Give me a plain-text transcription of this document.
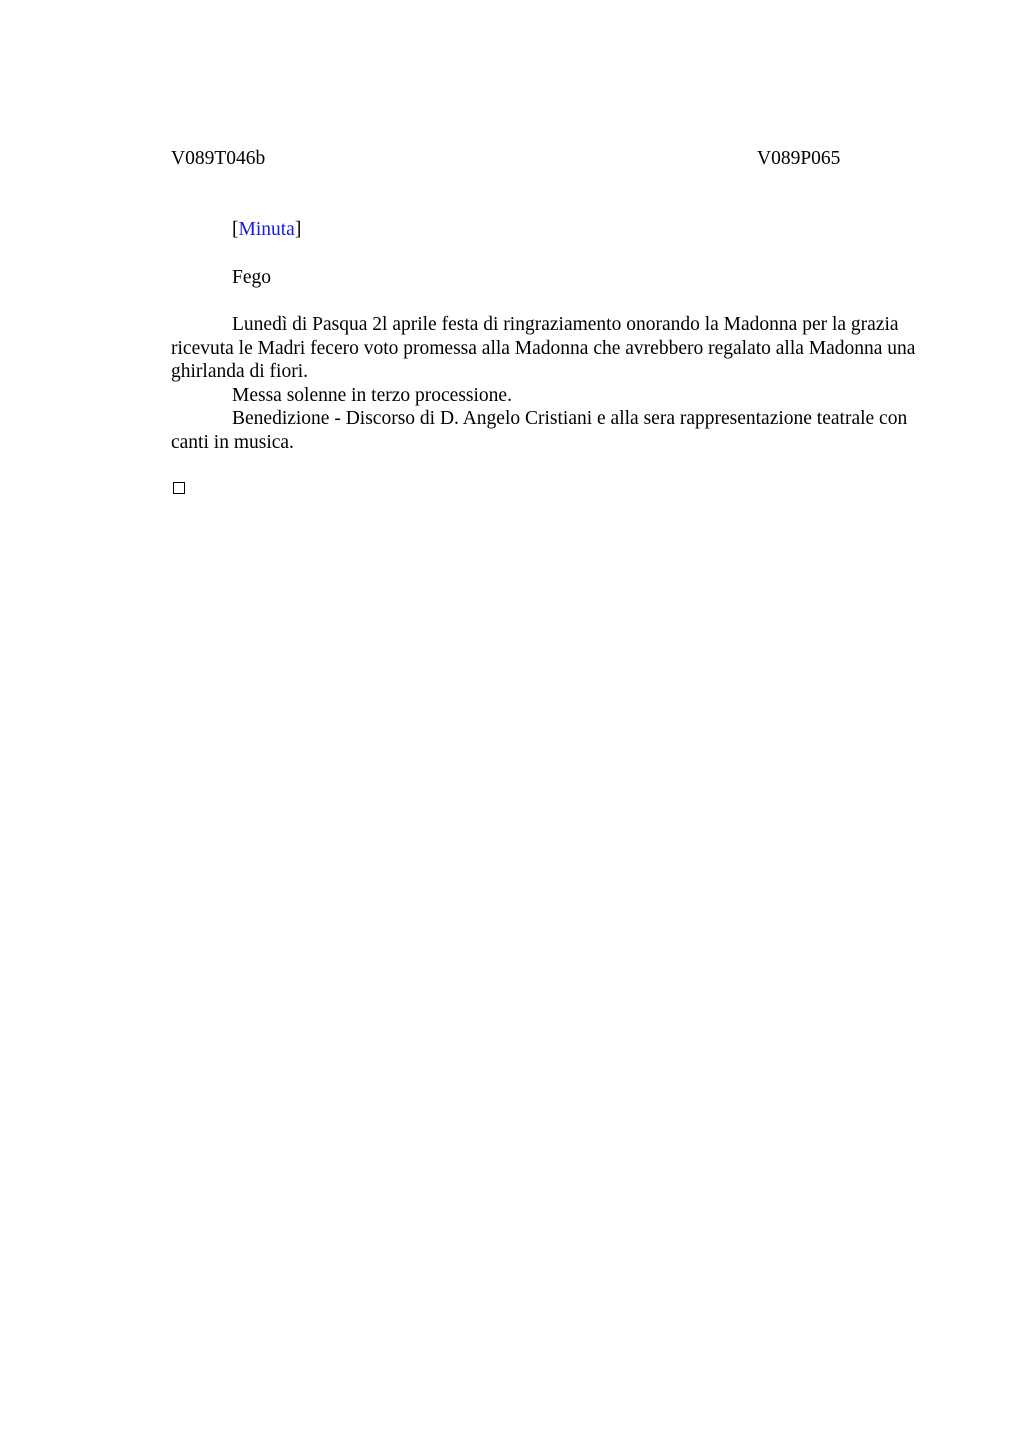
V089T046b	V089P065
[Minuta]
Fego

Lunedì di Pasqua 2l aprile festa di ringraziamento onorando la Madonna per la grazia ricevuta le Madri fecero voto promessa alla Madonna che avrebbero regalato alla Madonna una ghirlanda di fiori.

Messa solenne in terzo processione.

Benedizione - Discorso di D. Angelo Cristiani e alla sera rappresentazione teatrale con canti in musica.
